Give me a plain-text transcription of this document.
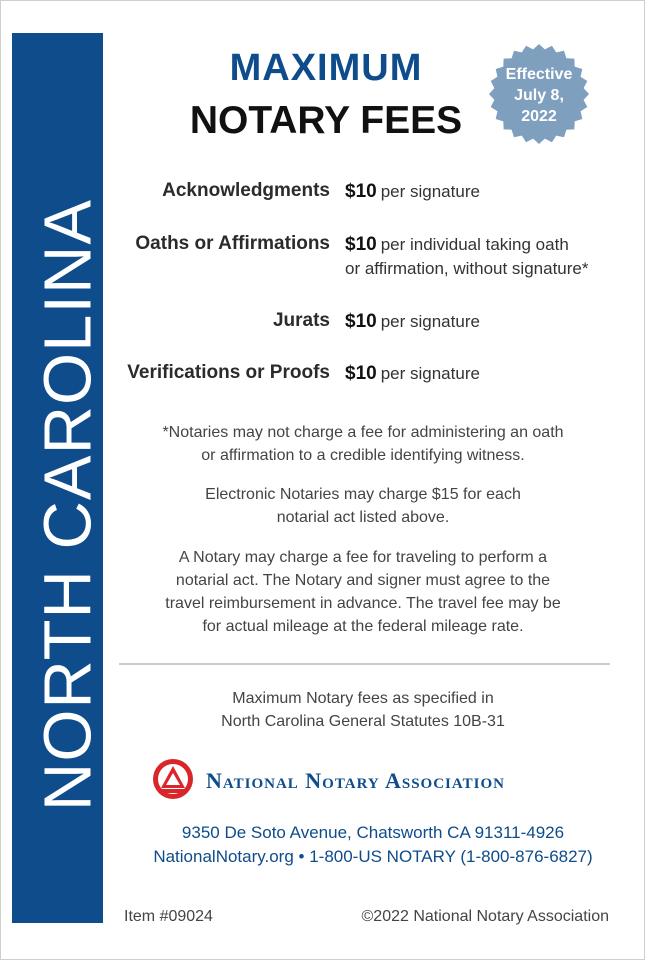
NORTH CAROLINA
MAXIMUM
NOTARY FEES
Effective
July 8,
2022
Acknowledgments $10 per signature
Oaths or Affirmations $10 per individual taking oath
or affirmation, without signature*
Jurats $10 per signature
Verifications or Proofs $10 per signature
*Notaries may not charge a fee for administering an oath
or affirmation to a credible identifying witness.
Electronic Notaries may charge $15 for each
notarial act listed above.
A Notary may charge a fee for traveling to perform a
notarial act. The Notary and signer must agree to the
travel reimbursement in advance. The travel fee may be
for actual mileage at the federal mileage rate.
Maximum Notary fees as specified in
North Carolina General Statutes 10B-31
National Notary Association
9350 De Soto Avenue, Chatsworth CA 91311-4926
NationalNotary.org • 1-800-US NOTARY (1-800-876-6827)
Item #09024	©2022 National Notary Association
